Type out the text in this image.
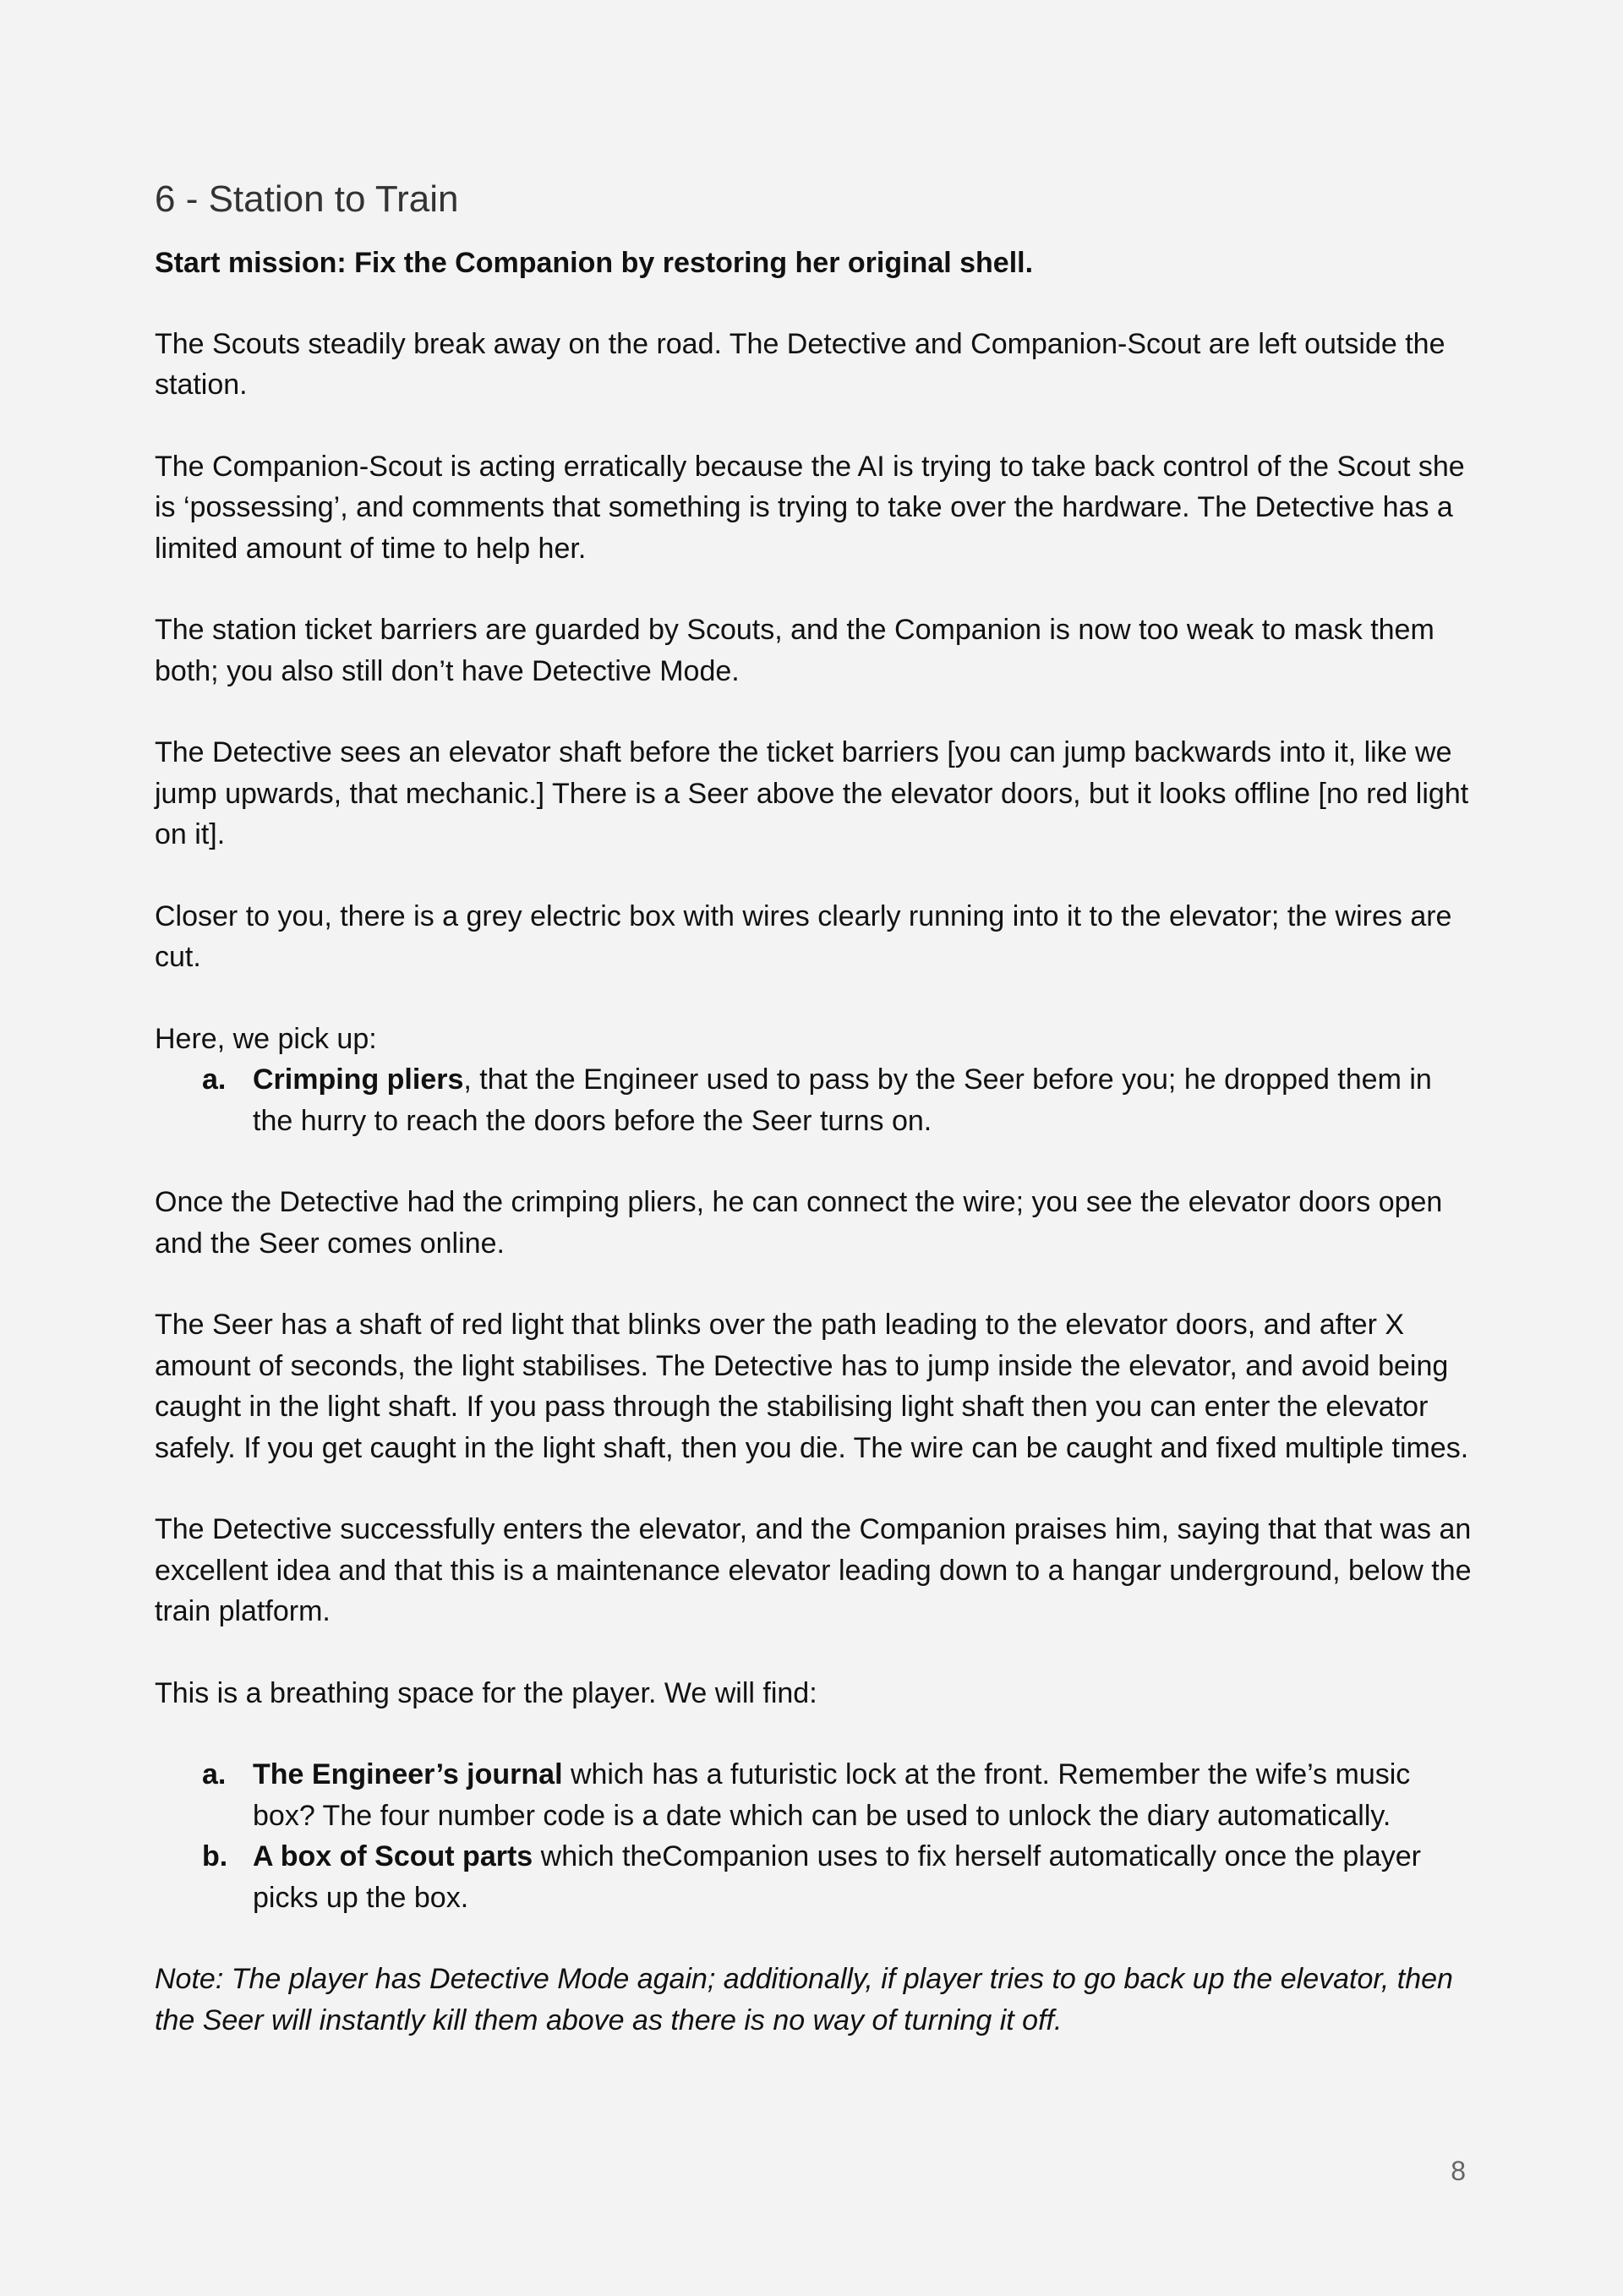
6 - Station to Train
Start mission: Fix the Companion by restoring her original shell.

The Scouts steadily break away on the road. The Detective and Companion-Scout are left outside the station.

The Companion-Scout is acting erratically because the AI is trying to take back control of the Scout she is ‘possessing’, and comments that something is trying to take over the hardware. The Detective has a limited amount of time to help her.

The station ticket barriers are guarded by Scouts, and the Companion is now too weak to mask them both; you also still don’t have Detective Mode.

The Detective sees an elevator shaft before the ticket barriers [you can jump backwards into it, like we jump upwards, that mechanic.] There is a Seer above the elevator doors, but it looks offline [no red light on it].

Closer to you, there is a grey electric box with wires clearly running into it to the elevator; the wires are cut.

Here, we pick up:

a. Crimping pliers, that the Engineer used to pass by the Seer before you; he dropped them in the hurry to reach the doors before the Seer turns on.

Once the Detective had the crimping pliers, he can connect the wire; you see the elevator doors open and the Seer comes online.

The Seer has a shaft of red light that blinks over the path leading to the elevator doors, and after X amount of seconds, the light stabilises. The Detective has to jump inside the elevator, and avoid being caught in the light shaft. If you pass through the stabilising light shaft then you can enter the elevator safely. If you get caught in the light shaft, then you die. The wire can be caught and fixed multiple times.

The Detective successfully enters the elevator, and the Companion praises him, saying that that was an excellent idea and that this is a maintenance elevator leading down to a hangar underground, below the train platform.

This is a breathing space for the player. We will find:

a. The Engineer’s journal which has a futuristic lock at the front. Remember the wife’s music box? The four number code is a date which can be used to unlock the diary automatically.
b. A box of Scout parts which theCompanion uses to fix herself automatically once the player picks up the box.

Note: The player has Detective Mode again; additionally, if player tries to go back up the elevator, then the Seer will instantly kill them above as there is no way of turning it off.

8
